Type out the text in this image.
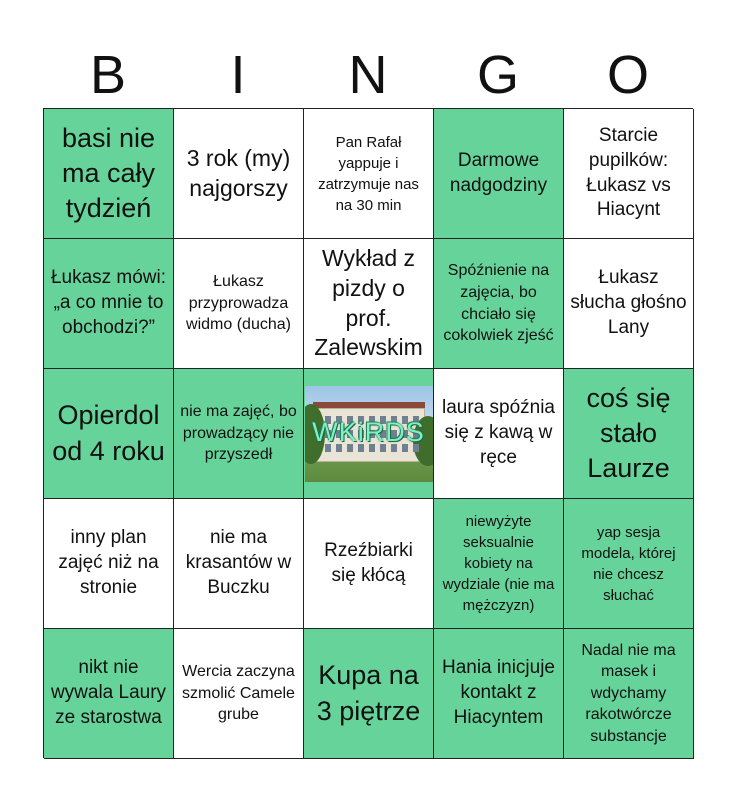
B	I	N	G	O
basi nie ma cały tydzień
3 rok (my) najgorszy
Pan Rafał yappuje i zatrzymuje nas na 30 min
Darmowe nadgodziny
Starcie pupilków: Łukasz vs Hiacynt
Łukasz mówi: „a co mnie to obchodzi?”
Łukasz przyprowadza widmo (ducha)
Wykład z pizdy o prof. Zalewskim
Spóźnienie na zajęcia, bo chciało się cokolwiek zjeść
Łukasz słucha głośno Lany
Opierdol od 4 roku
nie ma zajęć, bo prowadzący nie przyszedł
WKiRDS
laura spóźnia się z kawą w ręce
coś się stało Laurze
inny plan zajęć niż na stronie
nie ma krasantów w Buczku
Rzeźbiarki się kłócą
niewyżyte seksualnie kobiety na wydziale (nie ma mężczyzn)
yap sesja modela, której nie chcesz słuchać
nikt nie wywala Laury ze starostwa
Wercia zaczyna szmolić Camele grube
Kupa na 3 piętrze
Hania inicjuje kontakt z Hiacyntem
Nadal nie ma masek i wdychamy rakotwórcze substancje
